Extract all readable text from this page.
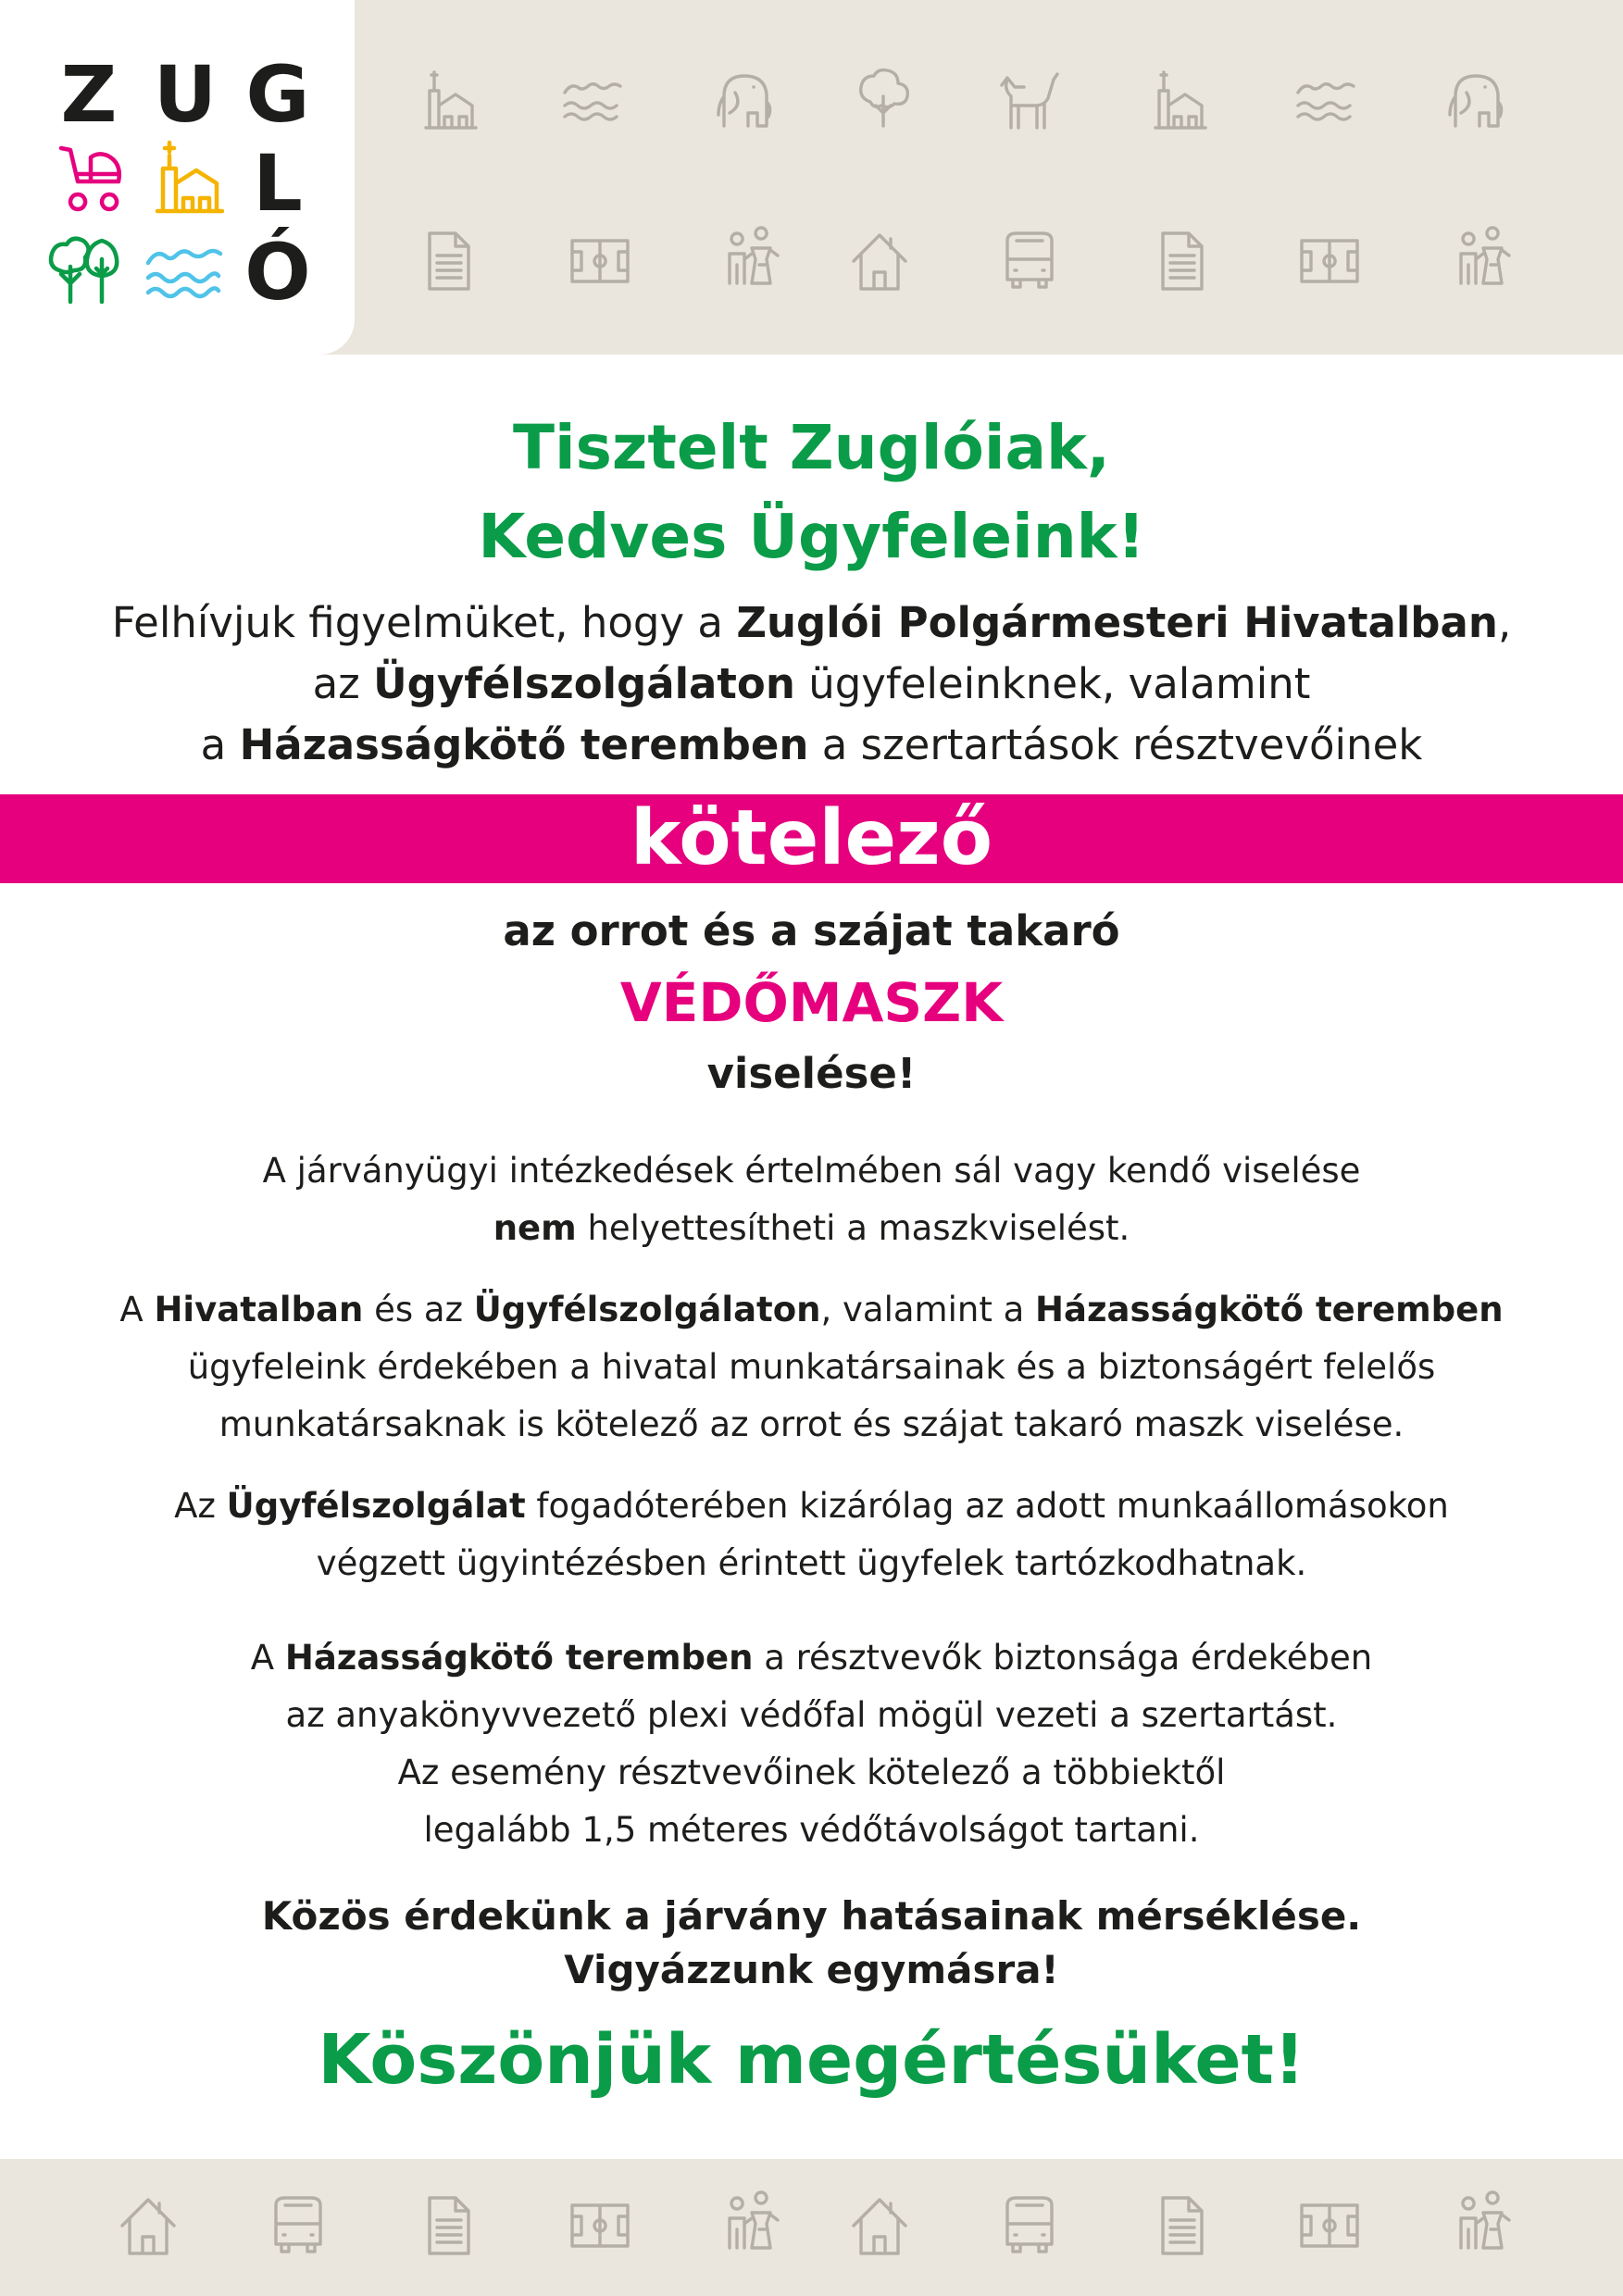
Z U G
L
Ó
Tisztelt Zuglóiak,
Kedves Ügyfeleink!
Felhívjuk figyelmüket, hogy a Zuglói Polgármesteri Hivatalban,
az Ügyfélszolgálaton ügyfeleinknek, valamint
a Házasságkötő teremben a szertartások résztvevőinek
kötelező
az orrot és a szájat takaró
VÉDŐMASZK
viselése!
A járványügyi intézkedések értelmében sál vagy kendő viselése
nem helyettesítheti a maszkviselést.
A Hivatalban és az Ügyfélszolgálaton, valamint a Házasságkötő teremben
ügyfeleink érdekében a hivatal munkatársainak és a biztonságért felelős
munkatársaknak is kötelező az orrot és szájat takaró maszk viselése.
Az Ügyfélszolgálat fogadóterében kizárólag az adott munkaállomásokon
végzett ügyintézésben érintett ügyfelek tartózkodhatnak.
A Házasságkötő teremben a résztvevők biztonsága érdekében
az anyakönyvvezető plexi védőfal mögül vezeti a szertartást.
Az esemény résztvevőinek kötelező a többiektől
legalább 1,5 méteres védőtávolságot tartani.
Közös érdekünk a járvány hatásainak mérséklése.
Vigyázzunk egymásra!
Köszönjük megértésüket!
